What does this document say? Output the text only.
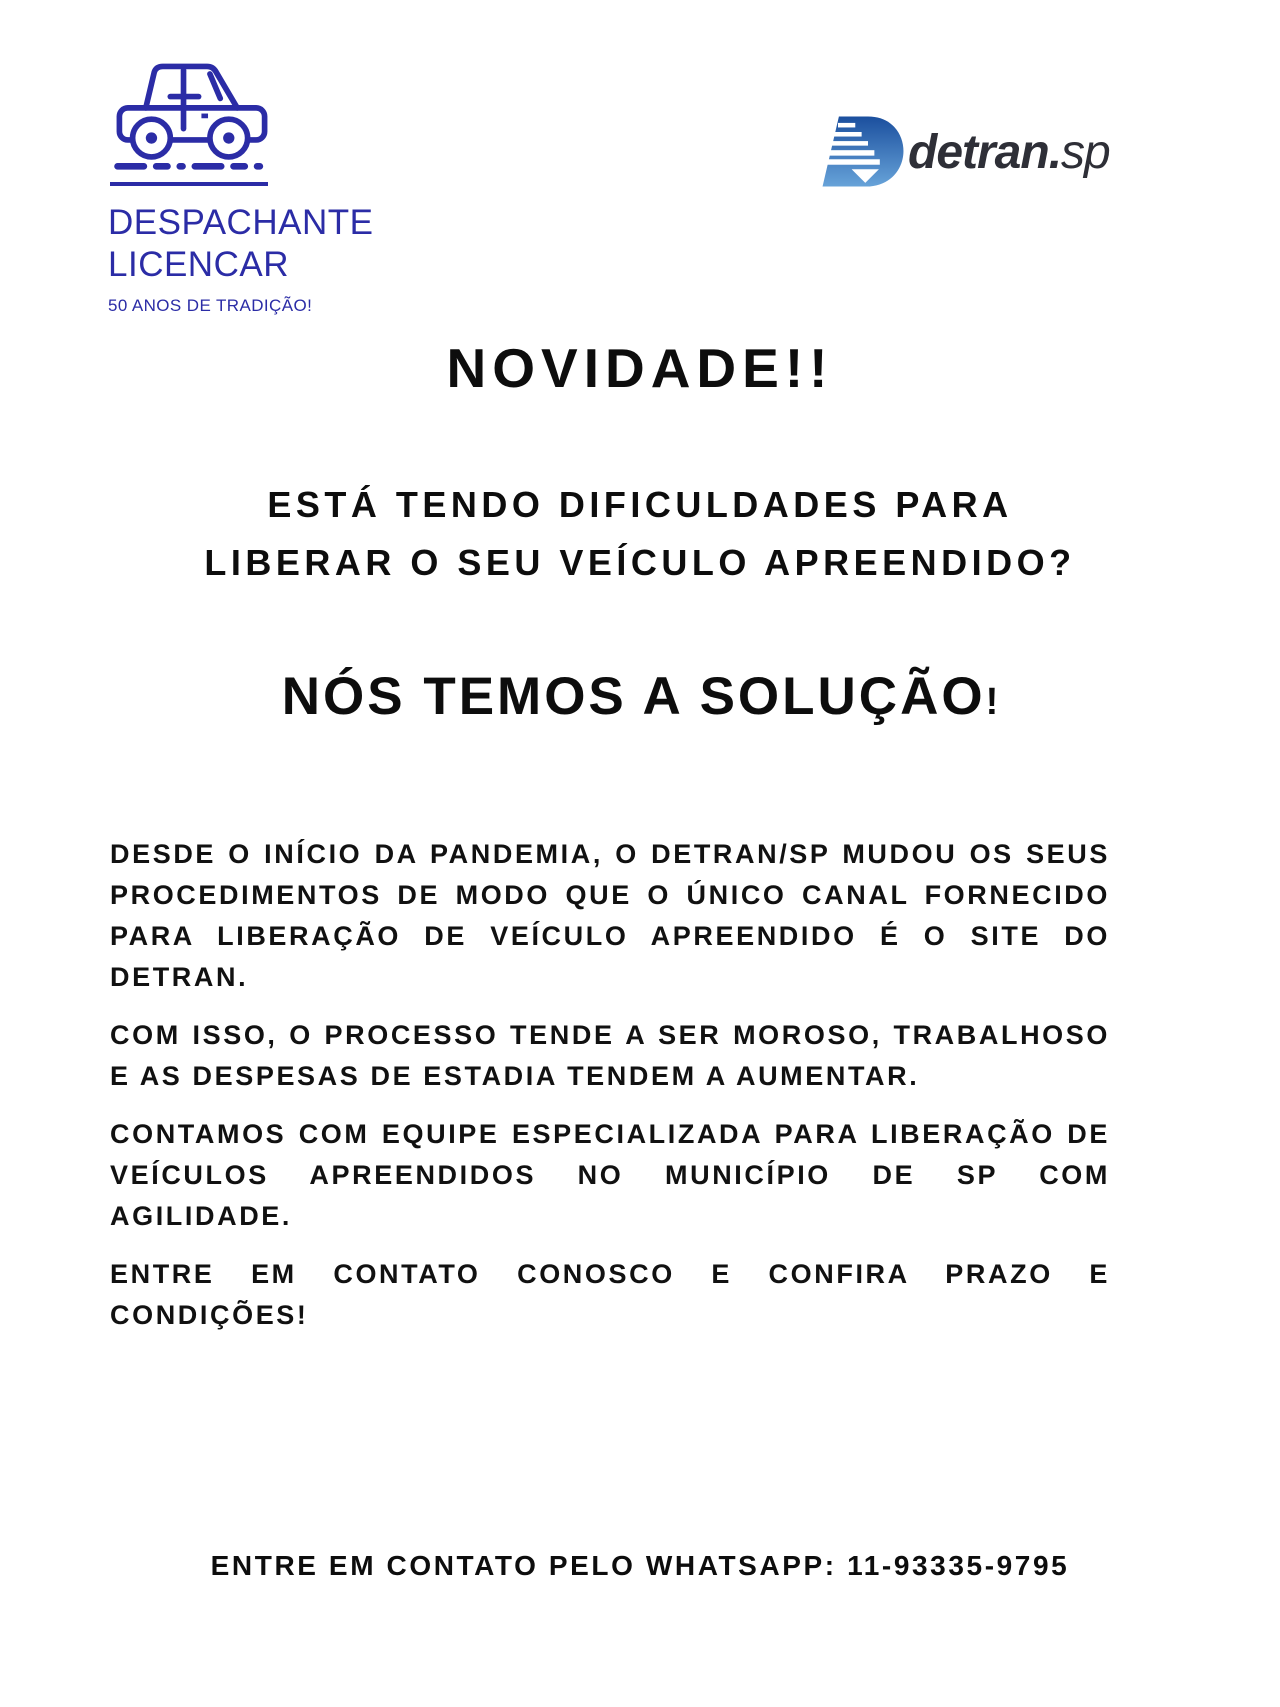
DESPACHANTE
LICENCAR
50 ANOS DE TRADIÇÃO!
detran.sp
NOVIDADE!!
ESTÁ TENDO DIFICULDADES PARA
LIBERAR O SEU VEÍCULO APREENDIDO?
NÓS TEMOS A SOLUÇÃO!

DESDE O INÍCIO DA PANDEMIA, O DETRAN/SP MUDOU OS SEUS PROCEDIMENTOS DE MODO QUE O ÚNICO CANAL FORNECIDO PARA LIBERAÇÃO DE VEÍCULO APREENDIDO É O SITE DO DETRAN.

COM ISSO, O PROCESSO TENDE A SER MOROSO, TRABALHOSO E AS DESPESAS DE ESTADIA TENDEM A AUMENTAR.

CONTAMOS COM EQUIPE ESPECIALIZADA PARA LIBERAÇÃO DE VEÍCULOS APREENDIDOS NO MUNICÍPIO DE SP COM AGILIDADE.

ENTRE EM CONTATO CONOSCO E CONFIRA PRAZO E CONDIÇÕES!

ENTRE EM CONTATO PELO WHATSAPP: 11-93335-9795
